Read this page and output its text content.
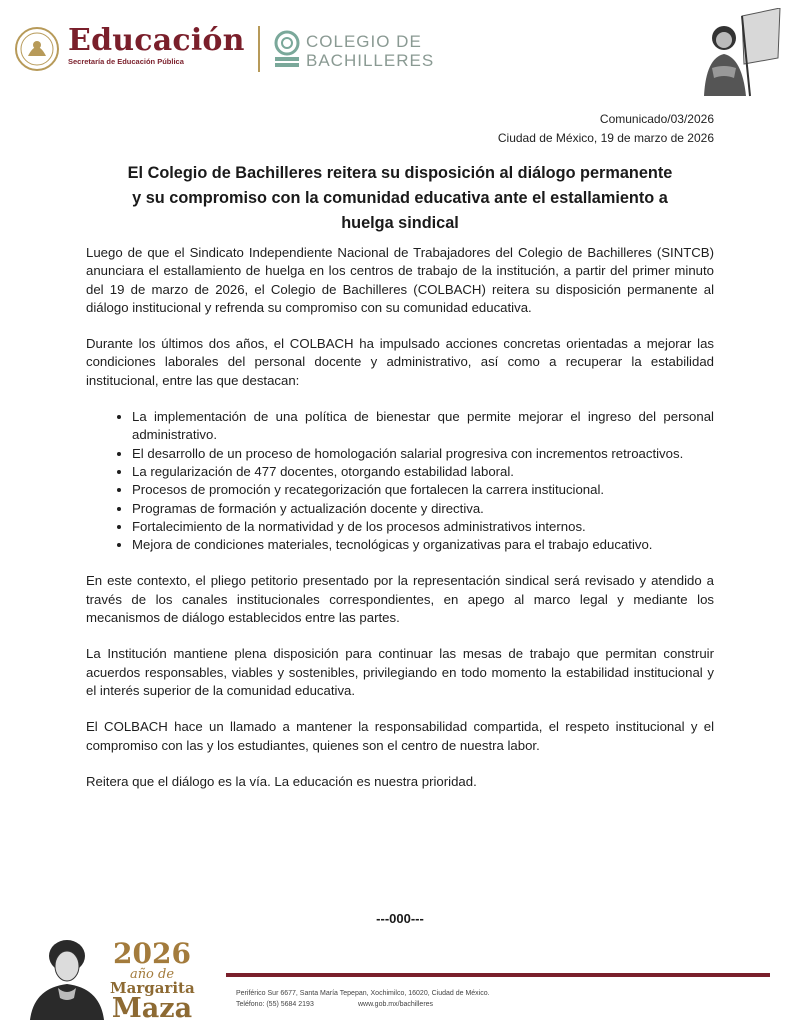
Educación
Secretaría de Educación Pública
COLEGIO DE
BACHILLERES
Comunicado/03/2026
Ciudad de México, 19 de marzo de 2026
El Colegio de Bachilleres reitera su disposición al diálogo permanente
y su compromiso con la comunidad educativa ante el estallamiento a
huelga sindical

Luego de que el Sindicato Independiente Nacional de Trabajadores del Colegio de Bachilleres (SINTCB) anunciara el estallamiento de huelga en los centros de trabajo de la institución, a partir del primer minuto del 19 de marzo de 2026, el Colegio de Bachilleres (COLBACH) reitera su disposición permanente al diálogo institucional y refrenda su compromiso con su comunidad educativa.

Durante los últimos dos años, el COLBACH ha impulsado acciones concretas orientadas a mejorar las condiciones laborales del personal docente y administrativo, así como a recuperar la estabilidad institucional, entre las que destacan:

• La implementación de una política de bienestar que permite mejorar el ingreso del personal administrativo.
• El desarrollo de un proceso de homologación salarial progresiva con incrementos retroactivos.
• La regularización de 477 docentes, otorgando estabilidad laboral.
• Procesos de promoción y recategorización que fortalecen la carrera institucional.
• Programas de formación y actualización docente y directiva.
• Fortalecimiento de la normatividad y de los procesos administrativos internos.
• Mejora de condiciones materiales, tecnológicas y organizativas para el trabajo educativo.

En este contexto, el pliego petitorio presentado por la representación sindical será revisado y atendido a través de los canales institucionales correspondientes, en apego al marco legal y mediante los mecanismos de diálogo establecidos entre las partes.

La Institución mantiene plena disposición para continuar las mesas de trabajo que permitan construir acuerdos responsables, viables y sostenibles, privilegiando en todo momento la estabilidad institucional y el interés superior de la comunidad educativa.

El COLBACH hace un llamado a mantener la responsabilidad compartida, el respeto institucional y el compromiso con las y los estudiantes, quienes son el centro de nuestra labor.

Reitera que el diálogo es la vía. La educación es nuestra prioridad.

---000---
2026
año de
Margarita
Maza	Periférico Sur 6677, Santa María Tepepan, Xochimilco, 16020, Ciudad de México.
Teléfono: (55) 5684 2193	www.gob.mx/bachilleres
